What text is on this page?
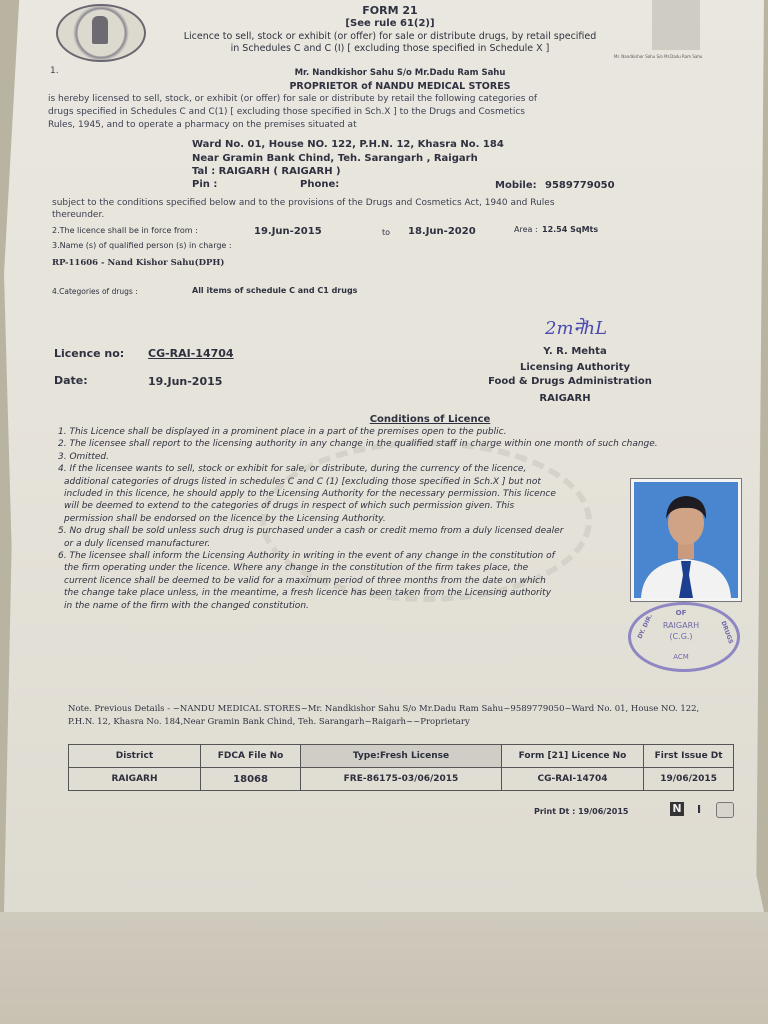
FORM 21
[See rule 61(2)]
Licence to sell, stock or exhibit (or offer) for sale or distribute drugs, by retail specified
in Schedules C and C (I) [ excluding those specified in Schedule X ]
Mr. Nandkishor Sahu S/o Mr.Dadu Ram Sahu
1.	Mr. Nandkishor Sahu S/o Mr.Dadu Ram Sahu
PROPRIETOR of NANDU MEDICAL STORES
is hereby licensed to sell, stock, or exhibit (or offer) for sale or distribute by retail the following categories of
drugs specified in Schedules C and C(1) [ excluding those specified in Sch.X ] to the Drugs and Cosmetics
Rules, 1945, and to operate a pharmacy on the premises situated at
Ward No. 01, House NO. 122, P.H.N. 12, Khasra No. 184
Near Gramin Bank Chind, Teh. Sarangarh , Raigarh
Tal : RAIGARH ( RAIGARH )
Pin :	Phone:	Mobile: 9589779050
subject to the conditions specified below and to the provisions of the Drugs and Cosmetics Act, 1940 and Rules
thereunder.
2.The licence shall be in force from :	19.Jun-2015	to 18.Jun-2020	Area : 12.54 SqMts
3.Name (s) of qualified person (s) in charge :
RP-11606 - Nand Kishor Sahu(DPH)
4.Categories of drugs :	All items of schedule C and C1 drugs
2mनेhL
Licence no: CG-RAI-14704
Date:	19.Jun-2015
Y. R. Mehta
Licensing Authority
Food & Drugs Administration
RAIGARH
Conditions of Licence
1. This Licence shall be displayed in a prominent place in a part of the premises open to the public.
2. The licensee shall report to the licensing authority in any change in the qualified staff in charge within one month of such change.
3. Omitted.
4. If the licensee wants to sell, stock or exhibit for sale, or distribute, during the currency of the licence,
additional categories of drugs listed in schedules C and C (1) [excluding those specified in Sch.X ] but not
included in this licence, he should apply to the Licensing Authority for the necessary permission. This licence
will be deemed to extend to the categories of drugs in respect of which such permission given. This
permission shall be endorsed on the licence by the Licensing Authority.
5. No drug shall be sold unless such drug is purchased under a cash or credit memo from a duly licensed dealer
or a duly licensed manufacturer.
6. The licensee shall inform the Licensing Authority in writing in the event of any change in the constitution of
the firm operating under the licence. Where any change in the constitution of the firm takes place, the
current licence shall be deemed to be valid for a maximum period of three months from the date on which
the change take place unless, in the meantime, a fresh licence has been taken from the Licensing authority
in the name of the firm with the changed constitution.
OF
DY. DIR.	RAIGARH
(C.G.)	DRUGS
ACM
Note. Previous Details - ~NANDU MEDICAL STORES~Mr. Nandkishor Sahu S/o Mr.Dadu Ram Sahu~9589779050~Ward No. 01, House NO. 122,
P.H.N. 12, Khasra No. 184,Near Gramin Bank Chind, Teh. Sarangarh~Raigarh~~Proprietary
District	FDCA File No	Type:Fresh License	Form [21] Licence No	First Issue Dt
RAIGARH	18068	FRE-86175-03/06/2015	CG-RAI-14704	19/06/2015
Print Dt : 19/06/2015	N I
